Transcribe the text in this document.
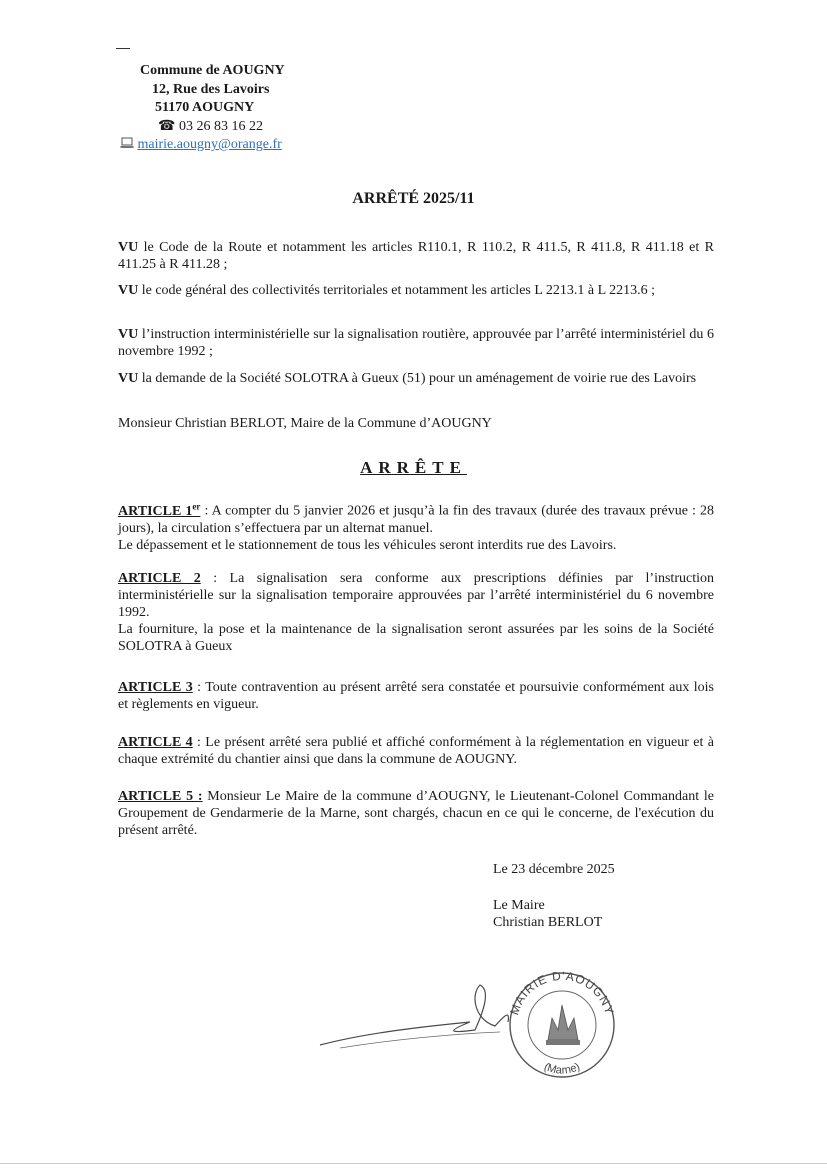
Commune de AOUGNY
12, Rue des Lavoirs
51170 AOUGNY
☎ 03 26 83 16 22
mairie.aougny@orange.fr
ARRÊTÉ 2025/11
VU le Code de la Route et notamment les articles R110.1, R 110.2, R 411.5, R 411.8, R 411.18 et R 411.25 à R 411.28 ;
VU le code général des collectivités territoriales et notamment les articles L 2213.1 à L 2213.6 ;
VU l’instruction interministérielle sur la signalisation routière, approuvée par l’arrêté interministériel du 6 novembre 1992 ;
VU la demande de la Société SOLOTRA à Gueux (51) pour un aménagement de voirie rue des Lavoirs
Monsieur Christian BERLOT, Maire de la Commune d’AOUGNY
ARRÊTE
ARTICLE 1er : A compter du 5 janvier 2026 et jusqu’à la fin des travaux (durée des travaux prévue : 28 jours), la circulation s’effectuera par un alternat manuel.
Le dépassement et le stationnement de tous les véhicules seront interdits rue des Lavoirs.
ARTICLE 2 : La signalisation sera conforme aux prescriptions définies par l’instruction interministérielle sur la signalisation temporaire approuvées par l’arrêté interministériel du 6 novembre 1992.
La fourniture, la pose et la maintenance de la signalisation seront assurées par les soins de la Société SOLOTRA à Gueux
ARTICLE 3 : Toute contravention au présent arrêté sera constatée et poursuivie conformément aux lois et règlements en vigueur.
ARTICLE 4 : Le présent arrêté sera publié et affiché conformément à la réglementation en vigueur et à chaque extrémité du chantier ainsi que dans la commune de AOUGNY.
ARTICLE 5 : Monsieur Le Maire de la commune d’AOUGNY, le Lieutenant-Colonel Commandant le Groupement de Gendarmerie de la Marne, sont chargés, chacun en ce qui le concerne, de l'exécution du présent arrêté.
Le 23 décembre 2025
Le Maire
Christian BERLOT
MAIRIE D'AOUGNY
(Marne)
